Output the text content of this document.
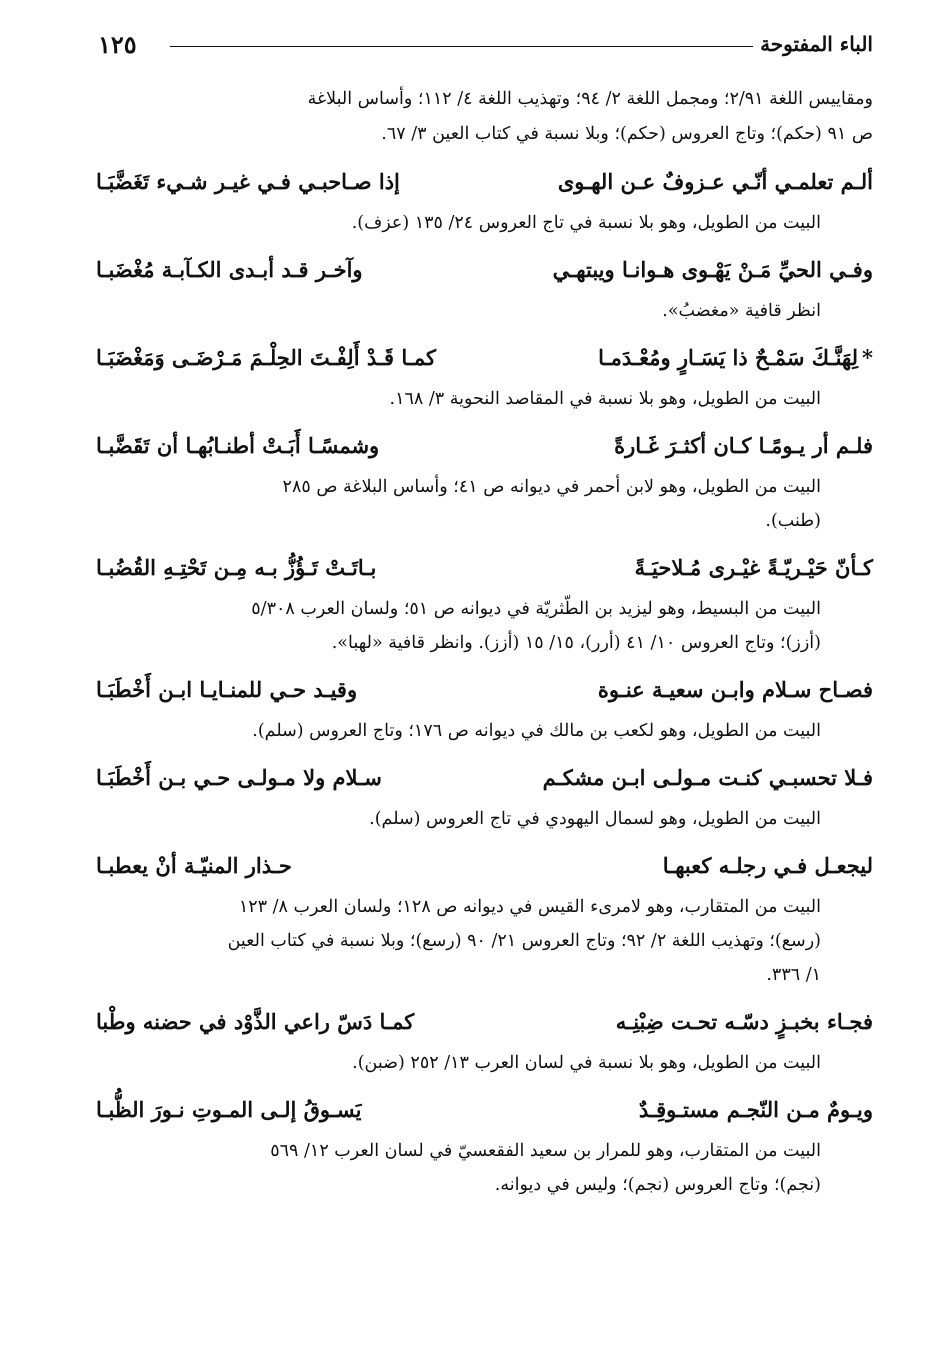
الباء المفتوحة
١٢٥
ومقاييس اللغة ٢/٩١؛ ومجمل اللغة ٢/ ٩٤؛ وتهذيب اللغة ٤/ ١١٢؛ وأساس البلاغة
ص ٩١ (حكم)؛ وتاج العروس (حكم)؛ وبلا نسبة في كتاب العين ٣/ ٦٧.
ألـم تعلمـي أنّـي عـزوفٌ عـن الهـوى
إذا صـاحبـي فـي غيـر شـيء تَغَضَّبَـا
البيت من الطويل، وهو بلا نسبة في تاج العروس ٢٤/ ١٣٥ (عزف).
وفـي الحيِّ مَـنْ يَهْـوى هـوانـا ويبتهـي
وآخـر قـد أبـدى الكـآبـة مُغْضَبـا
انظر قافية «مغضبُ».
*لِهَنَّـكَ سَمْـحٌ ذا يَسَـارٍ ومُعْـدَمـا
كمـا قَـدْ أَلِفْـتَ الحِلْـمَ مَـرْضَـى وَمَغْضَبَـا
البيت من الطويل، وهو بلا نسبة في المقاصد النحوية ٣/ ١٦٨.
فلـم أر يـومًـا كـان أكثـرَ غَـارةً
وشمسًـا أَبَـتْ أطنـابُهـا أن تَقَضَّبـا
البيت من الطويل، وهو لابن أحمر في ديوانه ص ٤١؛ وأساس البلاغة ص ٢٨٥
(طنب).
كـأنّ حَيْـريّـةً غيْـرى مُـلاحيَـةً
بـاتَـتْ تَـؤُزُّ بـه مِـن تَحْتِـهِ القُضُبـا
البيت من البسيط، وهو ليزيد بن الطّثريّة في ديوانه ص ٥١؛ ولسان العرب ٥/٣٠٨
(أزز)؛ وتاج العروس ١٠/ ٤١ (أرر)، ١٥/ ١٥ (أزز). وانظر قافية «لهبا».
فصـاح سـلام وابـن سعيـة عنـوة
وقيـد حـي للمنـايـا ابـن أَخْطَبَـا
البيت من الطويل، وهو لكعب بن مالك في ديوانه ص ١٧٦؛ وتاج العروس (سلم).
فـلا تحسبـي كنـت مـولـى ابـن مشكـم
سـلام ولا مـولـى حـي بـن أَخْطَبَـا
البيت من الطويل، وهو لسمال اليهودي في تاج العروس (سلم).
ليجعـل فـي رجلـه كعبهـا
حـذار المنيّـة أنْ يعطبـا
البيت من المتقارب، وهو لامرىء القيس في ديوانه ص ١٢٨؛ ولسان العرب ٨/ ١٢٣
(رسع)؛ وتهذيب اللغة ٢/ ٩٢؛ وتاج العروس ٢١/ ٩٠ (رسع)؛ وبلا نسبة في كتاب العين
١/ ٣٣٦.
فجـاء بخبـزٍ دسّـه تحـت ضِبْنِـه
كمـا دَسّ راعي الذَّوْد في حضنه وطْبا
البيت من الطويل، وهو بلا نسبة في لسان العرب ١٣/ ٢٥٢ (ضبن).
ويـومٌ مـن النّجـم مستـوقِـدٌ
يَسـوقُ إلـى المـوتِ نـورَ الظُّبـا
البيت من المتقارب، وهو للمرار بن سعيد الفقعسيّ في لسان العرب ١٢/ ٥٦٩
(نجم)؛ وتاج العروس (نجم)؛ وليس في ديوانه.
